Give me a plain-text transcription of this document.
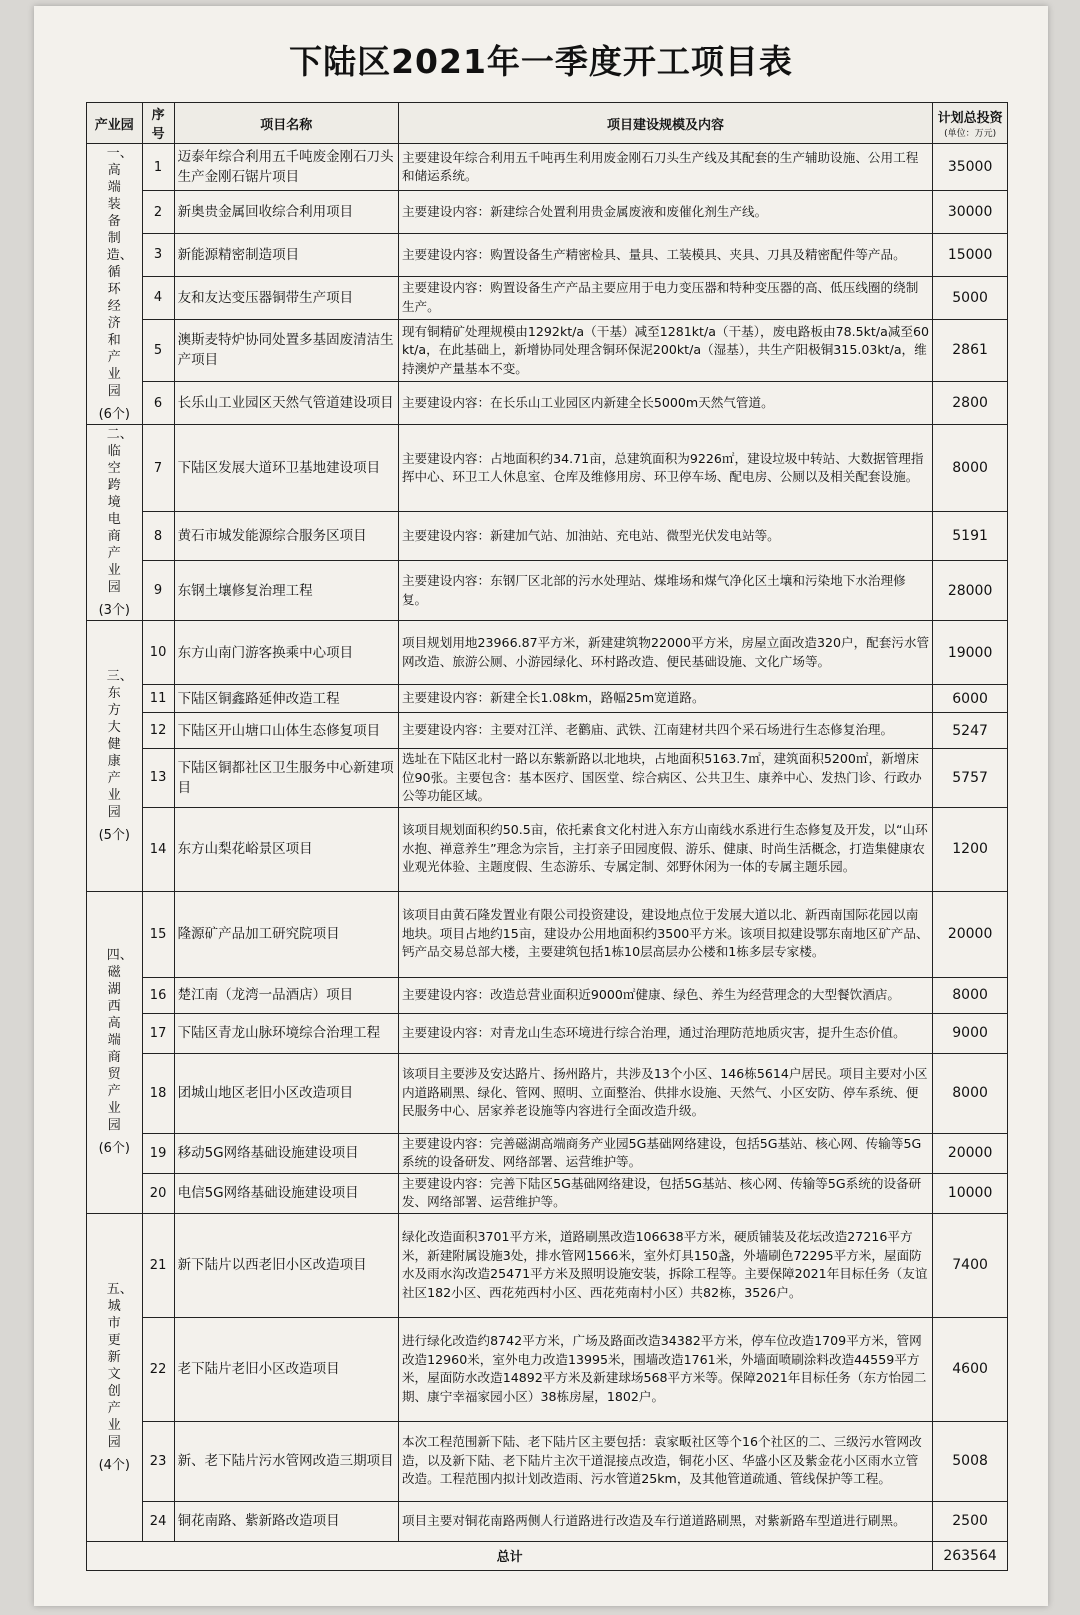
下陆区2021年一季度开工项目表
产业园	序号	项目名称	项目建设规模及内容	计划总投资
(单位：万元)

一、高端装备制造、循环经济和产业园
(6个)	1	迈泰年综合利用五千吨废金刚石刀头生产金刚石锯片项目	主要建设年综合利用五千吨再生利用废金刚石刀头生产线及其配套的生产辅助设施、公用工程和储运系统。	35000
	2	新奥贵金属回收综合利用项目	主要建设内容：新建综合处置利用贵金属废液和废催化剂生产线。	30000
	3	新能源精密制造项目	主要建设内容：购置设备生产精密检具、量具、工装模具、夹具、刀具及精密配件等产品。	15000
	4	友和友达变压器铜带生产项目	主要建设内容：购置设备生产产品主要应用于电力变压器和特种变压器的高、低压线圈的绕制生产。	5000
	5	澳斯麦特炉协同处置多基固废清洁生产项目	现有铜精矿处理规模由1292kt/a（干基）减至1281kt/a（干基），废电路板由78.5kt/a减至60 kt/a，在此基础上，新增协同处理含铜环保泥200kt/a（湿基），共生产阳极铜315.03kt/a，维持澳炉产量基本不变。	2861
	6	长乐山工业园区天然气管道建设项目	主要建设内容：在长乐山工业园区内新建全长5000m天然气管道。	2800
二、临空跨境电商产业园
(3个)	7	下陆区发展大道环卫基地建设项目	主要建设内容：占地面积约34.71亩，总建筑面积为9226㎡，建设垃圾中转站、大数据管理指挥中心、环卫工人休息室、仓库及维修用房、环卫停车场、配电房、公厕以及相关配套设施。	8000
	8	黄石市城发能源综合服务区项目	主要建设内容：新建加气站、加油站、充电站、微型光伏发电站等。	5191
	9	东钢土壤修复治理工程	主要建设内容：东钢厂区北部的污水处理站、煤堆场和煤气净化区土壤和污染地下水治理修复。	28000
三、东方大健康产业园
(5个)	10	东方山南门游客换乘中心项目	项目规划用地23966.87平方米，新建建筑物22000平方米，房屋立面改造320户，配套污水管网改造、旅游公厕、小游园绿化、环村路改造、便民基础设施、文化广场等。	19000
	11	下陆区铜鑫路延伸改造工程	主要建设内容：新建全长1.08km，路幅25m宽道路。	6000
	12	下陆区开山塘口山体生态修复项目	主要建设内容：主要对江洋、老鹳庙、武铁、江南建材共四个采石场进行生态修复治理。	5247
	13	下陆区铜都社区卫生服务中心新建项目	选址在下陆区北村一路以东紫新路以北地块，占地面积5163.7㎡，建筑面积5200㎡，新增床位90张。主要包含：基本医疗、国医堂、综合病区、公共卫生、康养中心、发热门诊、行政办公等功能区域。	5757
	14	东方山梨花峪景区项目	该项目规划面积约50.5亩，依托素食文化村进入东方山南线水系进行生态修复及开发，以“山环水抱、禅意养生”理念为宗旨，主打亲子田园度假、游乐、健康、时尚生活概念，打造集健康农业观光体验、主题度假、生态游乐、专属定制、郊野休闲为一体的专属主题乐园。	1200
四、磁湖西高端商贸产业园
(6个)	15	隆源矿产品加工研究院项目	该项目由黄石隆发置业有限公司投资建设，建设地点位于发展大道以北、新西南国际花园以南地块。项目占地约15亩，建设办公用地面积约3500平方米。该项目拟建设鄂东南地区矿产品、钙产品交易总部大楼，主要建筑包括1栋10层高层办公楼和1栋多层专家楼。	20000
	16	楚江南（龙湾一品酒店）项目	主要建设内容：改造总营业面积近9000㎡健康、绿色、养生为经营理念的大型餐饮酒店。	8000
	17	下陆区青龙山脉环境综合治理工程	主要建设内容：对青龙山生态环境进行综合治理，通过治理防范地质灾害，提升生态价值。	9000
	18	团城山地区老旧小区改造项目	该项目主要涉及安达路片、扬州路片，共涉及13个小区、146栋5614户居民。项目主要对小区内道路刷黑、绿化、管网、照明、立面整治、供排水设施、天然气、小区安防、停车系统、便民服务中心、居家养老设施等内容进行全面改造升级。	8000
	19	移动5G网络基础设施建设项目	主要建设内容：完善磁湖高端商务产业园5G基础网络建设，包括5G基站、核心网、传输等5G系统的设备研发、网络部署、运营维护等。	20000
	20	电信5G网络基础设施建设项目	主要建设内容：完善下陆区5G基础网络建设，包括5G基站、核心网、传输等5G系统的设备研发、网络部署、运营维护等。	10000
五、城市更新文创产业园
(4个)	21	新下陆片以西老旧小区改造项目	绿化改造面积3701平方米，道路刷黑改造106638平方米，硬质铺装及花坛改造27216平方米，新建附属设施3处，排水管网1566米，室外灯具150盏，外墙刷色72295平方米，屋面防水及雨水沟改造25471平方米及照明设施安装，拆除工程等。主要保障2021年目标任务（友谊社区182小区、西花苑西村小区、西花苑南村小区）共82栋，3526户。	7400
	22	老下陆片老旧小区改造项目	进行绿化改造约8742平方米，广场及路面改造34382平方米，停车位改造1709平方米，管网改造12960米，室外电力改造13995米，围墙改造1761米，外墙面喷刷涂料改造44559平方米，屋面防水改造14892平方米及新建球场568平方米等。保障2021年目标任务（东方怡园二期、康宁幸福家园小区）38栋房屋，1802户。	4600
	23	新、老下陆片污水管网改造三期项目	本次工程范围新下陆、老下陆片区主要包括：袁家畈社区等个16个社区的二、三级污水管网改造，以及新下陆、老下陆片主次干道混接点改造，铜花小区、华盛小区及紫金花小区雨水立管改造。工程范围内拟计划改造雨、污水管道25km，及其他管道疏通、管线保护等工程。	5008
	24	铜花南路、紫新路改造项目	项目主要对铜花南路两侧人行道路进行改造及车行道道路刷黑，对紫新路车型道进行刷黑。	2500
总计				263564
